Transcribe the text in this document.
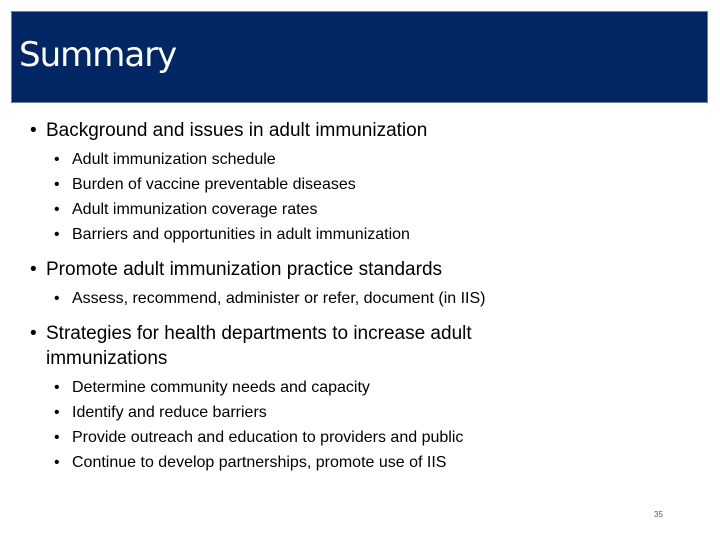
Summary

• Background and issues in adult immunization

• Adult immunization schedule
• Burden of vaccine preventable diseases
• Adult immunization coverage rates
• Barriers and opportunities in adult immunization

• Promote adult immunization practice standards

• Assess, recommend, administer or refer, document (in IIS)

• Strategies for health departments to increase adult immunizations

• Determine community needs and capacity
• Identify and reduce barriers
• Provide outreach and education to providers and public
• Continue to develop partnerships, promote use of IIS
35
